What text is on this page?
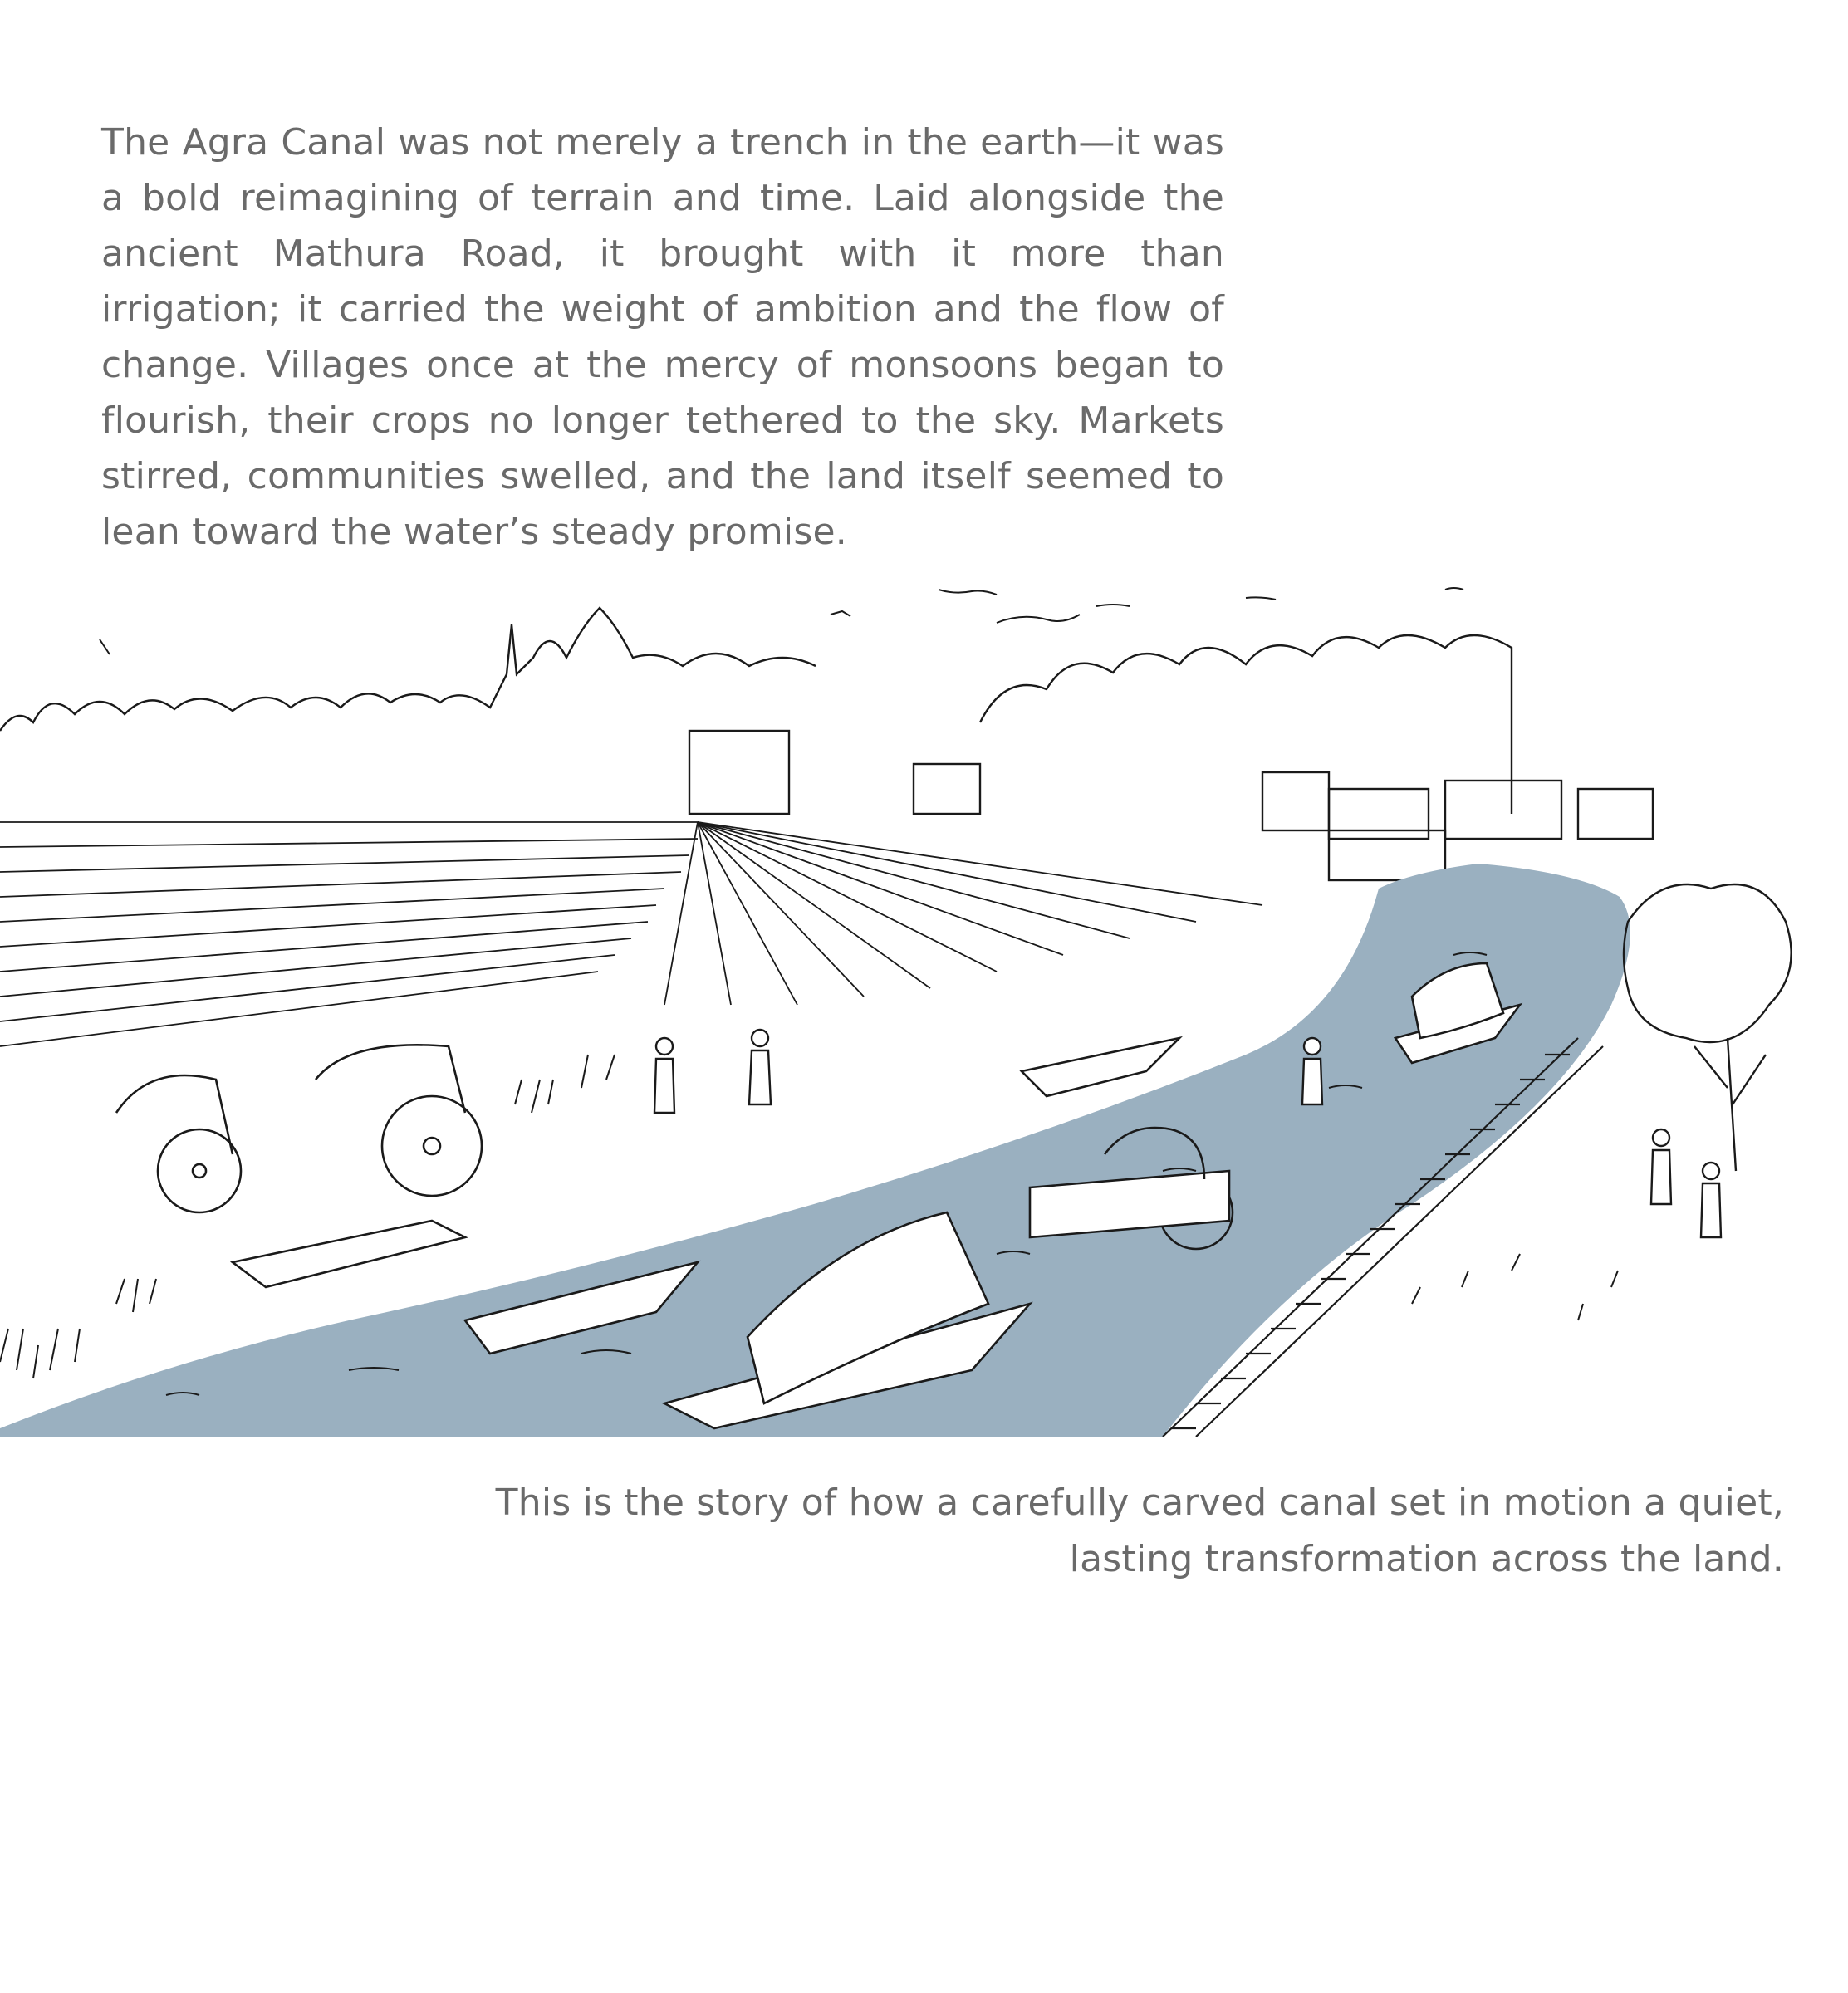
The Agra Canal was not merely a trench in the earth—it was a bold reimagining of terrain and time. Laid alongside the ancient Mathura Road, it brought with it more than irrigation; it carried the weight of ambition and the flow of change. Villages once at the mercy of monsoons began to flourish, their crops no longer tethered to the sky. Markets stirred, communities swelled, and the land itself seemed to lean toward the water’s steady promise.

This is the story of how a carefully carved canal set in motion a quiet,
lasting transformation across the land.
